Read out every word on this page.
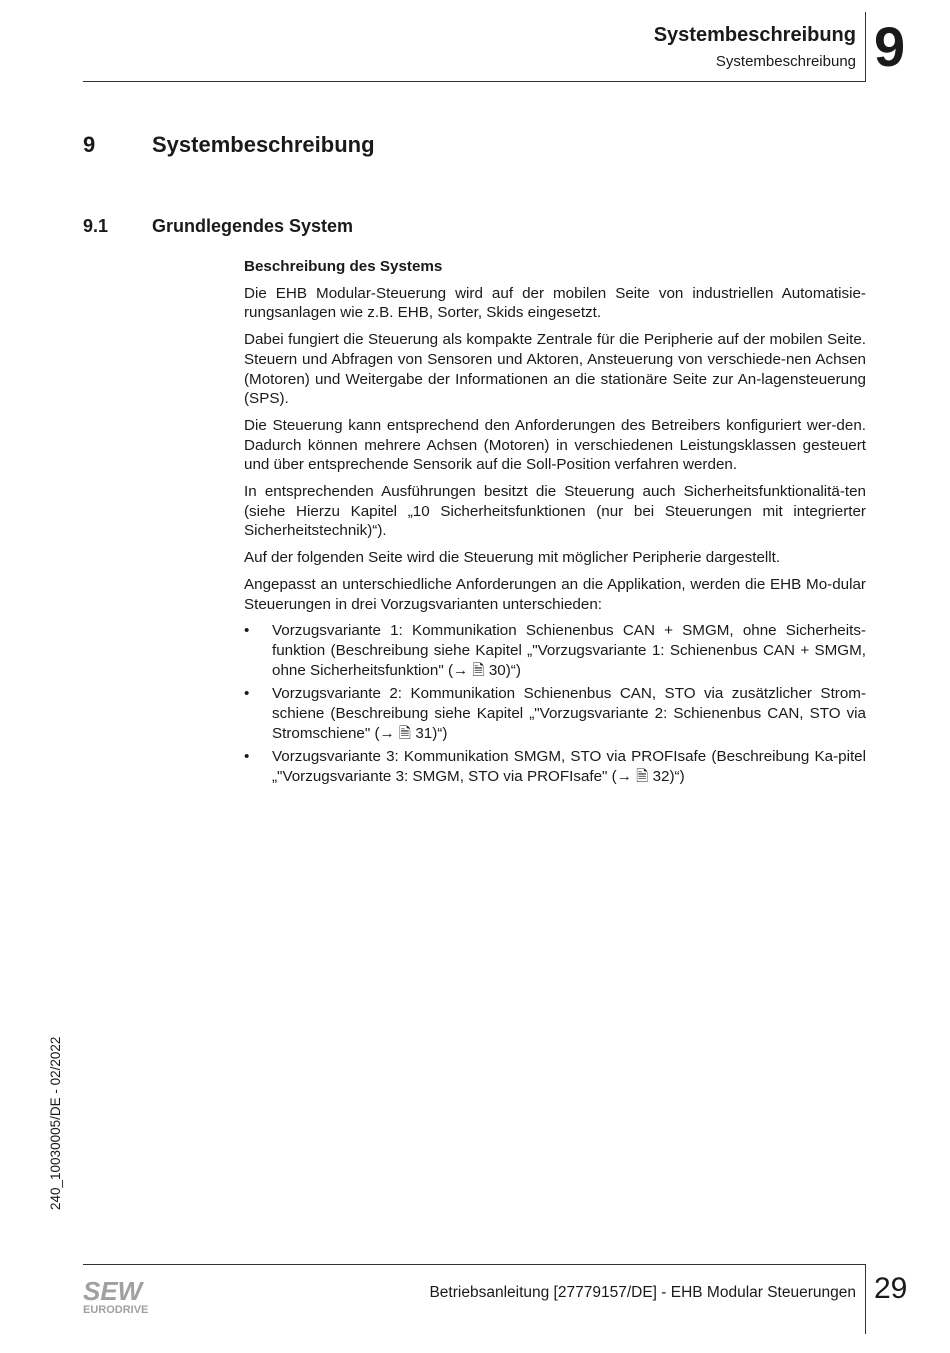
Systembeschreibung
Systembeschreibung 9
9	Systembeschreibung
9.1 Grundlegendes System
Beschreibung des Systems

Die EHB Modular-Steuerung wird auf der mobilen Seite von industriellen Automatisie-rungsanlagen wie z.B. EHB, Sorter, Skids eingesetzt.

Dabei fungiert die Steuerung als kompakte Zentrale für die Peripherie auf der mobilen Seite. Steuern und Abfragen von Sensoren und Aktoren, Ansteuerung von verschiede-nen Achsen (Motoren) und Weitergabe der Informationen an die stationäre Seite zur An-lagensteuerung (SPS).

Die Steuerung kann entsprechend den Anforderungen des Betreibers konfiguriert wer-den. Dadurch können mehrere Achsen (Motoren) in verschiedenen Leistungsklassen gesteuert und über entsprechende Sensorik auf die Soll-Position verfahren werden.

In entsprechenden Ausführungen besitzt die Steuerung auch Sicherheitsfunktionalitä-ten (siehe Hierzu Kapitel „10 Sicherheitsfunktionen (nur bei Steuerungen mit integrierter Sicherheitstechnik)“).

Auf der folgenden Seite wird die Steuerung mit möglicher Peripherie dargestellt.

Angepasst an unterschiedliche Anforderungen an die Applikation, werden die EHB Mo-dular Steuerungen in drei Vorzugsvarianten unterschieden:

• Vorzugsvariante 1: Kommunikation Schienenbus CAN + SMGM, ohne Sicherheits-funktion (Beschreibung siehe Kapitel „"Vorzugsvariante 1: Schienenbus CAN + SMGM, ohne Sicherheitsfunktion" (→ 🗎 30)“)
• Vorzugsvariante 2: Kommunikation Schienenbus CAN, STO via zusätzlicher Strom-schiene (Beschreibung siehe Kapitel „"Vorzugsvariante 2: Schienenbus CAN, STO via Stromschiene" (→ 🗎 31)“)
• Vorzugsvariante 3: Kommunikation SMGM, STO via PROFIsafe (Beschreibung Ka-pitel „"Vorzugsvariante 3: SMGM, STO via PROFIsafe" (→ 🗎 32)“)
240_10030005/DE - 02/2022
SEW
EURODRIVE
Betriebsanleitung [27779157/DE] - EHB Modular Steuerungen 29
